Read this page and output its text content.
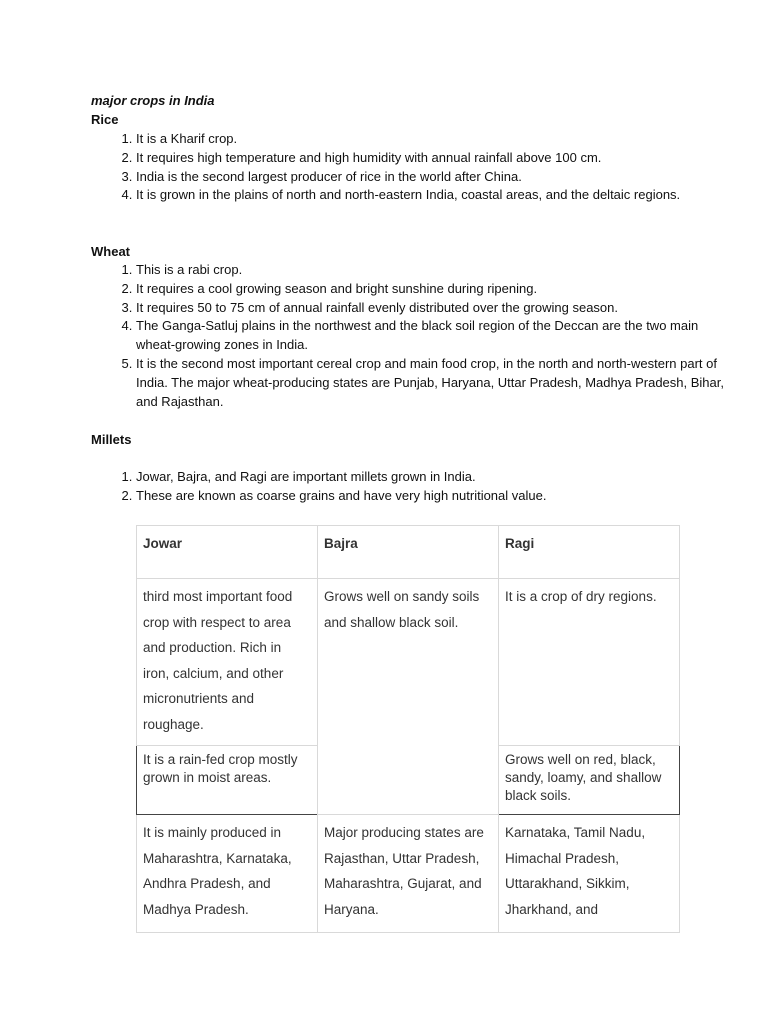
major crops in India

Rice

1. It is a Kharif crop.
2. It requires high temperature and high humidity with annual rainfall above 100 cm.
3. India is the second largest producer of rice in the world after China.
4. It is grown in the plains of north and north-eastern India, coastal areas, and the deltaic regions.

Wheat

1. This is a rabi crop.
2. It requires a cool growing season and bright sunshine during ripening.
3. It requires 50 to 75 cm of annual rainfall evenly distributed over the growing season.
4. The Ganga-Satluj plains in the northwest and the black soil region of the Deccan are the two main wheat-growing zones in India.
5. It is the second most important cereal crop and main food crop, in the north and north-western part of India. The major wheat-producing states are Punjab, Haryana, Uttar Pradesh, Madhya Pradesh, Bihar, and Rajasthan.

Millets

1. Jowar, Bajra, and Ragi are important millets grown in India.
2. These are known as coarse grains and have very high nutritional value.
Jowar	Bajra	Ragi
third most important food crop with respect to area and production. Rich in iron, calcium, and other micronutrients and roughage.	Grows well on sandy soils and shallow black soil.	It is a crop of dry regions.
It is a rain-fed crop mostly grown in moist areas.		Grows well on red, black, sandy, loamy, and shallow black soils.
It is mainly produced in Maharashtra, Karnataka, Andhra Pradesh, and Madhya Pradesh.	Major producing states are Rajasthan, Uttar Pradesh, Maharashtra, Gujarat, and Haryana.	Karnataka, Tamil Nadu, Himachal Pradesh, Uttarakhand, Sikkim, Jharkhand, and
